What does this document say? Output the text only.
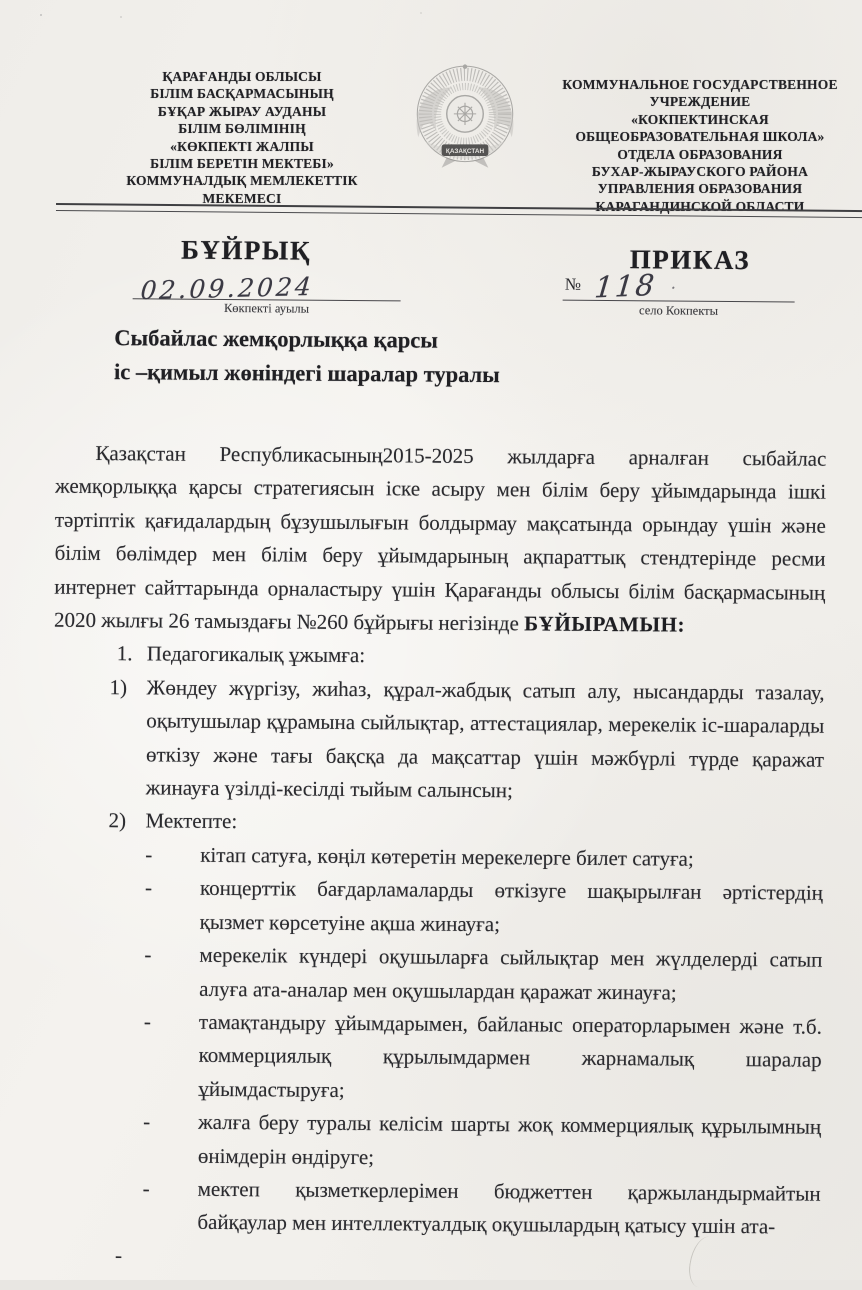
ҚАРАҒАНДЫ ОБЛЫСЫ
БІЛІМ БАСҚАРМАСЫНЫҢ
БҰҚАР ЖЫРАУ АУДАНЫ
БІЛІМ БӨЛІМІНІҢ
«КӨКПЕКТІ ЖАЛПЫ
БІЛІМ БЕРЕТІН МЕКТЕБІ»
КОММУНАЛДЫҚ МЕМЛЕКЕТТІК
МЕКЕМЕСІ
ҚАЗАҚСТАН
КОММУНАЛЬНОЕ ГОСУДАРСТВЕННОЕ
УЧРЕЖДЕНИЕ
«КОКПЕКТИНСКАЯ
ОБЩЕОБРАЗОВАТЕЛЬНАЯ ШКОЛА»
ОТДЕЛА ОБРАЗОВАНИЯ
БУХАР-ЖЫРАУСКОГО РАЙОНА
УПРАВЛЕНИЯ ОБРАЗОВАНИЯ
КАРАГАНДИНСКОЙ ОБЛАСТИ
БҰЙРЫҚ
02.09.2024
Көкпекті ауылы
ПРИКАЗ
№ 118 .
село Кокпекты
Сыбайлас жемқорлыққа қарсы
іс –қимыл жөніндегі шаралар туралы

Қазақстан Республикасының2015-2025 жылдарға арналған сыбайлас жемқорлыққа қарсы стратегиясын іске асыру мен білім беру ұйымдарында ішкі тәртіптік қағидалардың бұзушылығын болдырмау мақсатында орындау үшін және білім бөлімдер мен білім беру ұйымдарының ақпараттық стендтерінде ресми интернет сайттарында орналастыру үшін Қарағанды облысы білім басқармасының 2020 жылғы 26 тамыздағы №260 бұйрығы негізінде БҰЙЫРАМЫН:

1. Педагогикалық ұжымға:
1) Жөндеу жүргізу, жиһаз, құрал-жабдық сатып алу, нысандарды тазалау, оқытушылар құрамына сыйлықтар, аттестациялар, мерекелік іс-шараларды өткізу және тағы бақсқа да мақсаттар үшін мәжбүрлі түрде қаражат жинауға үзілді-кесілді тыйым салынсын;
2) Мектепте:
-	кітап сатуға, көңіл көтеретін мерекелерге билет сатуға;
-	концерттік бағдарламаларды өткізуге шақырылған әртістердің қызмет көрсетуіне ақша жинауға;
-	мерекелік күндері оқушыларға сыйлықтар мен жүлделерді сатып алуға ата-аналар мен оқушылардан қаражат жинауға;
-	тамақтандыру ұйымдарымен, байланыс операторларымен және т.б. коммерциялық құрылымдармен жарнамалық шаралар ұйымдастыруға;
-	жалға беру туралы келісім шарты жоқ коммерциялық құрылымның өнімдерін өндіруге;
-	мектеп қызметкерлерімен бюджеттен қаржыландырмайтын байқаулар мен интеллектуалдық оқушылардың қатысу үшін ата-
-
